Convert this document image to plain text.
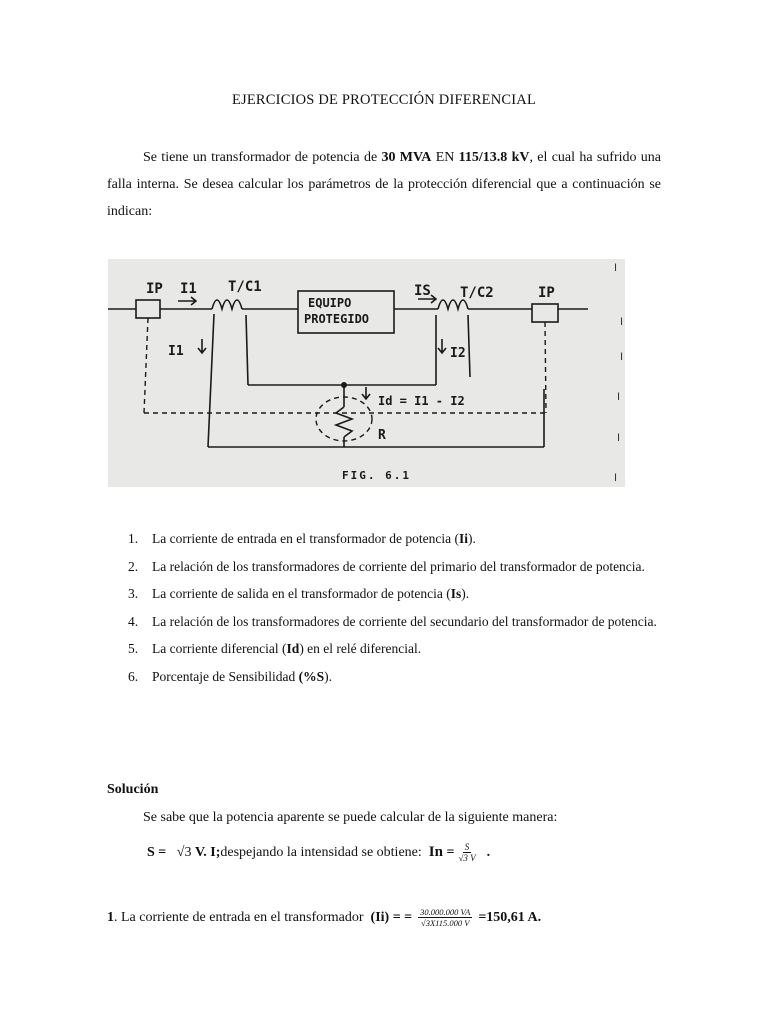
EJERCICIOS DE PROTECCIÓN DIFERENCIAL

Se tiene un transformador de potencia de 30 MVA EN 115/13.8 kV, el cual ha sufrido una falla interna. Se desea calcular los parámetros de la protección diferencial que a continuación se indican:

IP I1 T/C1
EQUIPO
PROTEGIDO
IS T/C2	IP
I1	I2
Id = I1 - I2
R
FIG. 6.1
I
I
I
I
I
I
1. La corriente de entrada en el transformador de potencia (Ii).
2. La relación de los transformadores de corriente del primario del transformador de potencia.
3. La corriente de salida en el transformador de potencia (Is).
4. La relación de los transformadores de corriente del secundario del transformador de potencia.
5. La corriente diferencial (Id) en el relé diferencial.
6. Porcentaje de Sensibilidad (%S).
Solución
Se sabe que la potencia aparente se puede calcular de la siguiente manera:
S =
√3
V. I; despejando la intensidad se obtiene:
In
= $\frac{S}{√3 V}$
.
1 . La corriente de entrada en el transformador
(Ii) = = $\frac{30.000.000 VA}{√3X115.000 V} =150,61$ A.
